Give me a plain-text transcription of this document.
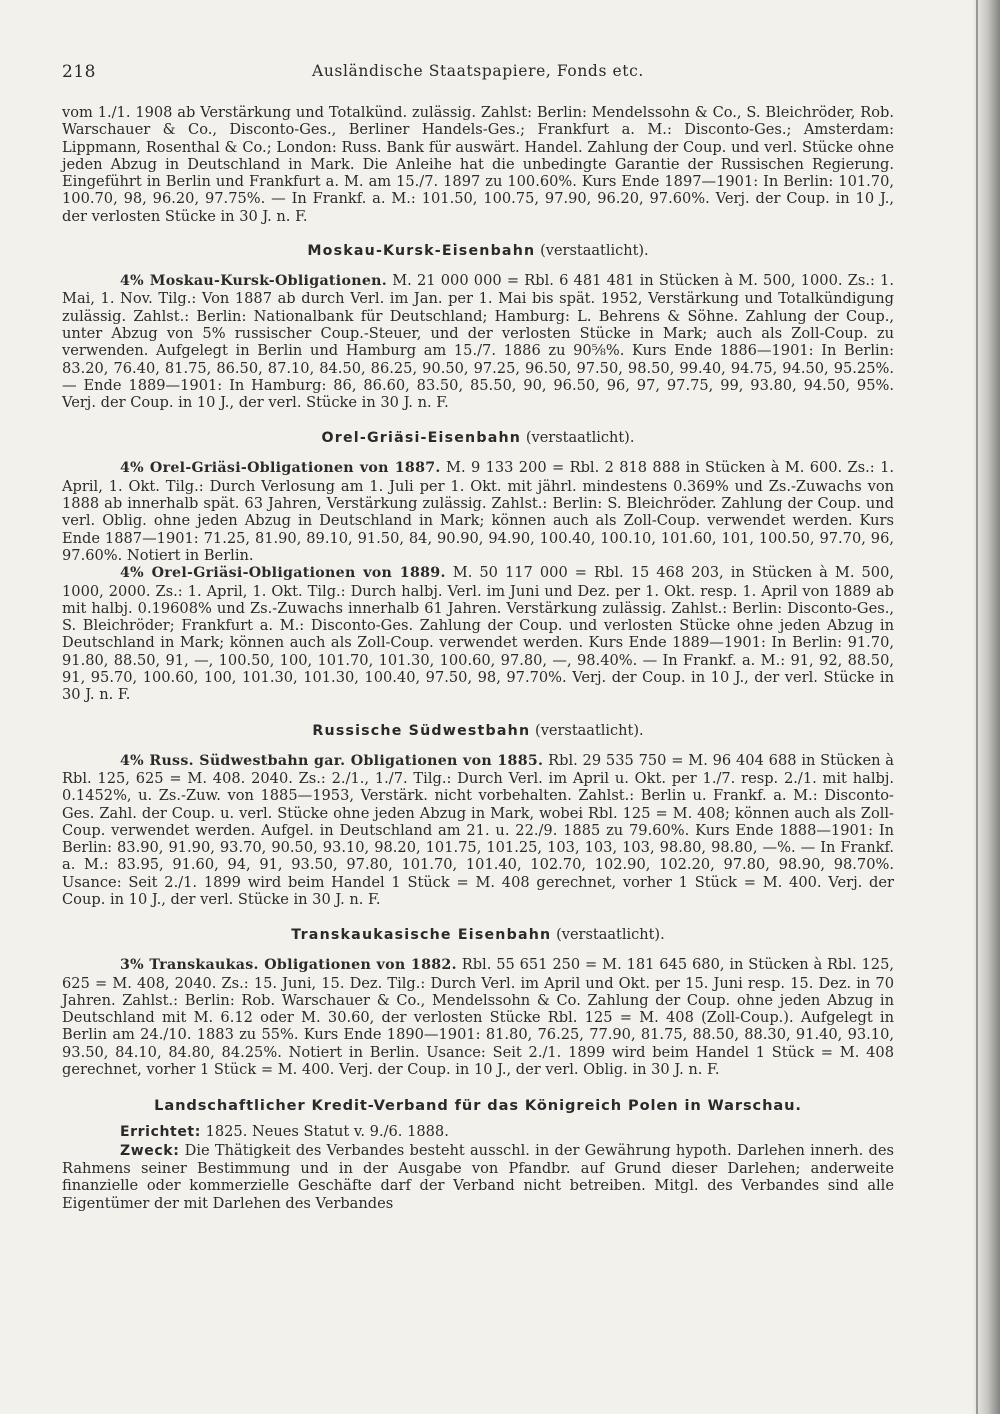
218	Ausländische Staatspapiere, Fonds etc.

vom 1./1. 1908 ab Verstärkung und Totalkünd. zulässig. Zahlst: Berlin: Mendelssohn & Co., S. Bleichröder, Rob. Warschauer & Co., Disconto-Ges., Berliner Handels-Ges.; Frankfurt a. M.: Disconto-Ges.; Amsterdam: Lippmann, Rosenthal & Co.; London: Russ. Bank für auswärt. Handel. Zahlung der Coup. und verl. Stücke ohne jeden Abzug in Deutschland in Mark. Die Anleihe hat die unbedingte Garantie der Russischen Regierung. Eingeführt in Berlin und Frankfurt a. M. am 15./7. 1897 zu 100.60%. Kurs Ende 1897—1901: In Berlin: 101.70, 100.70, 98, 96.20, 97.75%. — In Frankf. a. M.: 101.50, 100.75, 97.90, 96.20, 97.60%. Verj. der Coup. in 10 J., der verlosten Stücke in 30 J. n. F.

Moskau-Kursk-Eisenbahn (verstaatlicht).

4% Moskau-Kursk-Obligationen. M. 21 000 000 = Rbl. 6 481 481 in Stücken à M. 500, 1000. Zs.: 1. Mai, 1. Nov. Tilg.: Von 1887 ab durch Verl. im Jan. per 1. Mai bis spät. 1952, Verstärkung und Totalkündigung zulässig. Zahlst.: Berlin: Nationalbank für Deutschland; Hamburg: L. Behrens & Söhne. Zahlung der Coup., unter Abzug von 5% russischer Coup.-Steuer, und der verlosten Stücke in Mark; auch als Zoll-Coup. zu verwenden. Aufgelegt in Berlin und Hamburg am 15./7. 1886 zu 90⅝%. Kurs Ende 1886—1901: In Berlin: 83.20, 76.40, 81.75, 86.50, 87.10, 84.50, 86.25, 90.50, 97.25, 96.50, 97.50, 98.50, 99.40, 94.75, 94.50, 95.25%. — Ende 1889—1901: In Hamburg: 86, 86.60, 83.50, 85.50, 90, 96.50, 96, 97, 97.75, 99, 93.80, 94.50, 95%. Verj. der Coup. in 10 J., der verl. Stücke in 30 J. n. F.

Orel-Griäsi-Eisenbahn (verstaatlicht).

4% Orel-Griäsi-Obligationen von 1887. M. 9 133 200 = Rbl. 2 818 888 in Stücken à M. 600. Zs.: 1. April, 1. Okt. Tilg.: Durch Verlosung am 1. Juli per 1. Okt. mit jährl. mindestens 0.369% und Zs.-Zuwachs von 1888 ab innerhalb spät. 63 Jahren, Verstärkung zulässig. Zahlst.: Berlin: S. Bleichröder. Zahlung der Coup. und verl. Oblig. ohne jeden Abzug in Deutschland in Mark; können auch als Zoll-Coup. verwendet werden. Kurs Ende 1887—1901: 71.25, 81.90, 89.10, 91.50, 84, 90.90, 94.90, 100.40, 100.10, 101.60, 101, 100.50, 97.70, 96, 97.60%. Notiert in Berlin.

4% Orel-Griäsi-Obligationen von 1889. M. 50 117 000 = Rbl. 15 468 203, in Stücken à M. 500, 1000, 2000. Zs.: 1. April, 1. Okt. Tilg.: Durch halbj. Verl. im Juni und Dez. per 1. Okt. resp. 1. April von 1889 ab mit halbj. 0.19608% und Zs.-Zuwachs innerhalb 61 Jahren. Verstärkung zulässig. Zahlst.: Berlin: Disconto-Ges., S. Bleichröder; Frankfurt a. M.: Disconto-Ges. Zahlung der Coup. und verlosten Stücke ohne jeden Abzug in Deutschland in Mark; können auch als Zoll-Coup. verwendet werden. Kurs Ende 1889—1901: In Berlin: 91.70, 91.80, 88.50, 91, —, 100.50, 100, 101.70, 101.30, 100.60, 97.80, —, 98.40%. — In Frankf. a. M.: 91, 92, 88.50, 91, 95.70, 100.60, 100, 101.30, 101.30, 100.40, 97.50, 98, 97.70%. Verj. der Coup. in 10 J., der verl. Stücke in 30 J. n. F.

Russische Südwestbahn (verstaatlicht).

4% Russ. Südwestbahn gar. Obligationen von 1885. Rbl. 29 535 750 = M. 96 404 688 in Stücken à Rbl. 125, 625 = M. 408. 2040. Zs.: 2./1., 1./7. Tilg.: Durch Verl. im April u. Okt. per 1./7. resp. 2./1. mit halbj. 0.1452%, u. Zs.-Zuw. von 1885—1953, Verstärk. nicht vorbehalten. Zahlst.: Berlin u. Frankf. a. M.: Disconto-Ges. Zahl. der Coup. u. verl. Stücke ohne jeden Abzug in Mark, wobei Rbl. 125 = M. 408; können auch als Zoll-Coup. verwendet werden. Aufgel. in Deutschland am 21. u. 22./9. 1885 zu 79.60%. Kurs Ende 1888—1901: In Berlin: 83.90, 91.90, 93.70, 90.50, 93.10, 98.20, 101.75, 101.25, 103, 103, 103, 98.80, 98.80, —%. — In Frankf. a. M.: 83.95, 91.60, 94, 91, 93.50, 97.80, 101.70, 101.40, 102.70, 102.90, 102.20, 97.80, 98.90, 98.70%. Usance: Seit 2./1. 1899 wird beim Handel 1 Stück = M. 408 gerechnet, vorher 1 Stück = M. 400. Verj. der Coup. in 10 J., der verl. Stücke in 30 J. n. F.

Transkaukasische Eisenbahn (verstaatlicht).

3% Transkaukas. Obligationen von 1882. Rbl. 55 651 250 = M. 181 645 680, in Stücken à Rbl. 125, 625 = M. 408, 2040. Zs.: 15. Juni, 15. Dez. Tilg.: Durch Verl. im April und Okt. per 15. Juni resp. 15. Dez. in 70 Jahren. Zahlst.: Berlin: Rob. Warschauer & Co., Mendelssohn & Co. Zahlung der Coup. ohne jeden Abzug in Deutschland mit M. 6.12 oder M. 30.60, der verlosten Stücke Rbl. 125 = M. 408 (Zoll-Coup.). Aufgelegt in Berlin am 24./10. 1883 zu 55%. Kurs Ende 1890—1901: 81.80, 76.25, 77.90, 81.75, 88.50, 88.30, 91.40, 93.10, 93.50, 84.10, 84.80, 84.25%. Notiert in Berlin. Usance: Seit 2./1. 1899 wird beim Handel 1 Stück = M. 408 gerechnet, vorher 1 Stück = M. 400. Verj. der Coup. in 10 J., der verl. Oblig. in 30 J. n. F.

Landschaftlicher Kredit-Verband für das Königreich Polen in Warschau.

Errichtet: 1825. Neues Statut v. 9./6. 1888.

Zweck: Die Thätigkeit des Verbandes besteht ausschl. in der Gewährung hypoth. Darlehen innerh. des Rahmens seiner Bestimmung und in der Ausgabe von Pfandbr. auf Grund dieser Darlehen; anderweite finanzielle oder kommerzielle Geschäfte darf der Verband nicht betreiben. Mitgl. des Verbandes sind alle Eigentümer der mit Darlehen des Verbandes
